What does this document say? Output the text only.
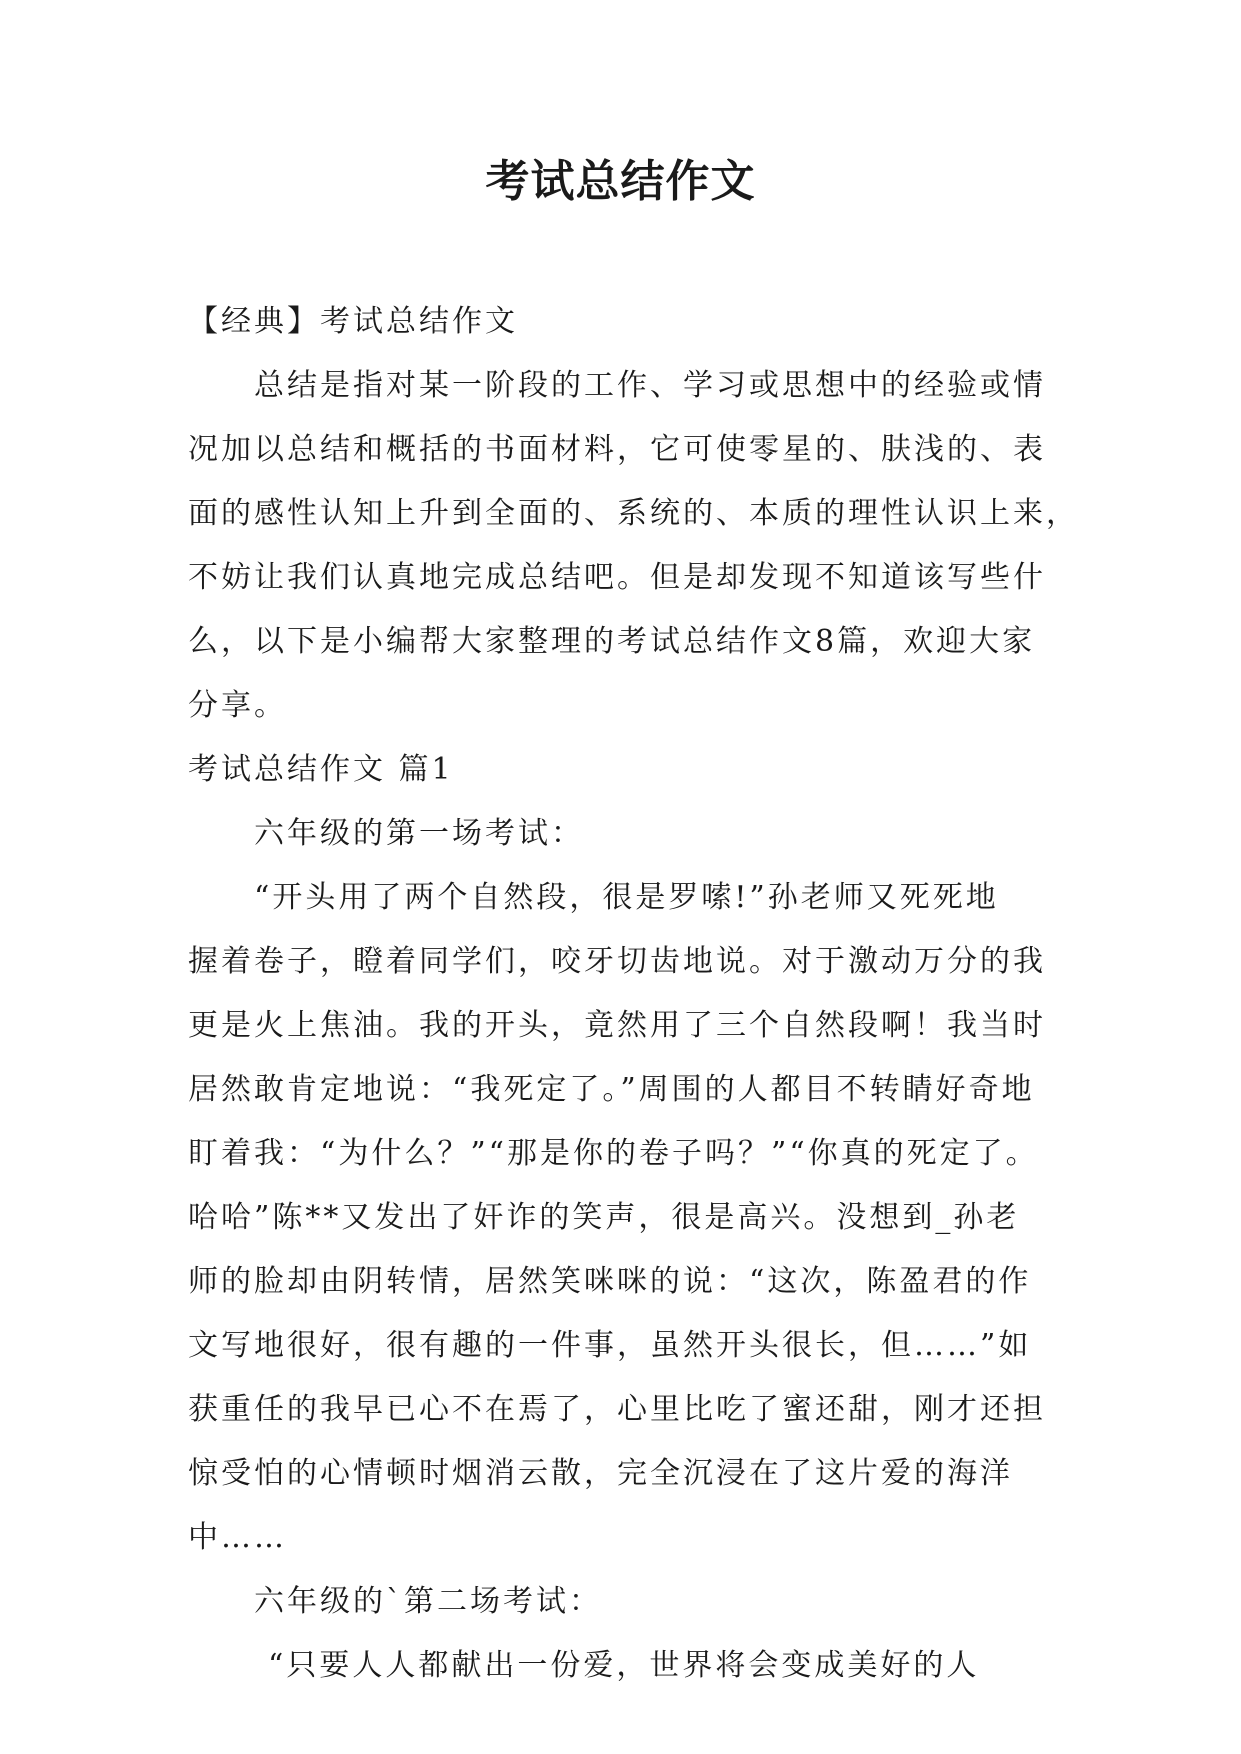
考试总结作文
【经典】考试总结作文
总结是指对某一阶段的工作、学习或思想中的经验或情
况加以总结和概括的书面材料，它可使零星的、肤浅的、表
面的感性认知上升到全面的、系统的、本质的理性认识上来，
不妨让我们认真地完成总结吧。但是却发现不知道该写些什
么，以下是小编帮大家整理的考试总结作文8篇，欢迎大家
分享。
考试总结作文 篇1
六年级的第一场考试：
“开头用了两个自然段，很是罗嗦!”孙老师又死死地
握着卷子，瞪着同学们，咬牙切齿地说。对于激动万分的我
更是火上焦油。我的开头，竟然用了三个自然段啊！我当时
居然敢肯定地说：“我死定了。”周围的人都目不转睛好奇地
盯着我：“为什么？”“那是你的卷子吗？”“你真的死定了。
哈哈”陈**又发出了奸诈的笑声，很是高兴。没想到_孙老
师的脸却由阴转情，居然笑咪咪的说：“这次，陈盈君的作
文写地很好，很有趣的一件事，虽然开头很长，但……”如
获重任的我早已心不在焉了，心里比吃了蜜还甜，刚才还担
惊受怕的心情顿时烟消云散，完全沉浸在了这片爱的海洋
中……
六年级的`第二场考试：
“只要人人都献出一份爱，世界将会变成美好的人
